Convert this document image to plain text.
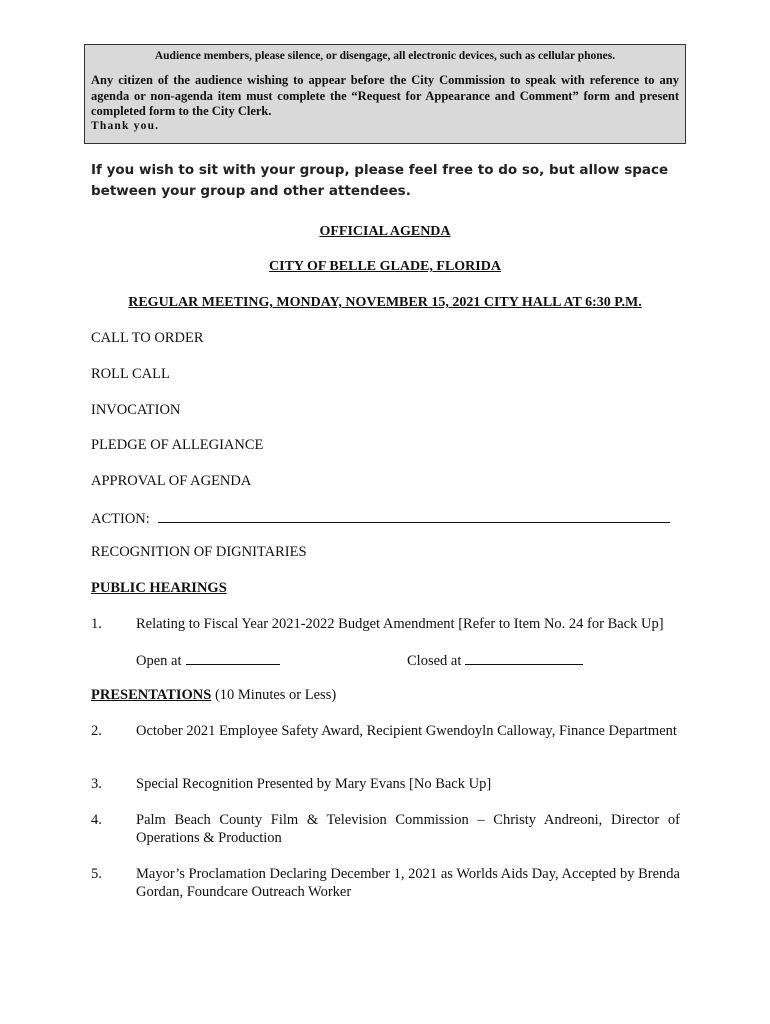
Audience members, please silence, or disengage, all electronic devices, such as cellular phones.
Any citizen of the audience wishing to appear before the City Commission to speak with reference to any agenda or non-agenda item must complete the “Request for Appearance and Comment” form and present completed form to the City Clerk.
Thank you.
If you wish to sit with your group, please feel free to do so, but allow space between your group and other attendees.
OFFICIAL AGENDA
CITY OF BELLE GLADE, FLORIDA
REGULAR MEETING, MONDAY, NOVEMBER 15, 2021 CITY HALL AT 6:30 P.M.
CALL TO ORDER
ROLL CALL
INVOCATION
PLEDGE OF ALLEGIANCE
APPROVAL OF AGENDA
ACTION:
RECOGNITION OF DIGNITARIES
PUBLIC HEARINGS
1. Relating to Fiscal Year 2021-2022 Budget Amendment [Refer to Item No. 24 for Back Up]
Open at	Closed at
PRESENTATIONS (10 Minutes or Less)
2. October 2021 Employee Safety Award, Recipient Gwendoyln Calloway, Finance Department
3. Special Recognition Presented by Mary Evans [No Back Up]
4. Palm Beach County Film & Television Commission – Christy Andreoni, Director of Operations & Production
5. Mayor’s Proclamation Declaring December 1, 2021 as Worlds Aids Day, Accepted by Brenda Gordan, Foundcare Outreach Worker
